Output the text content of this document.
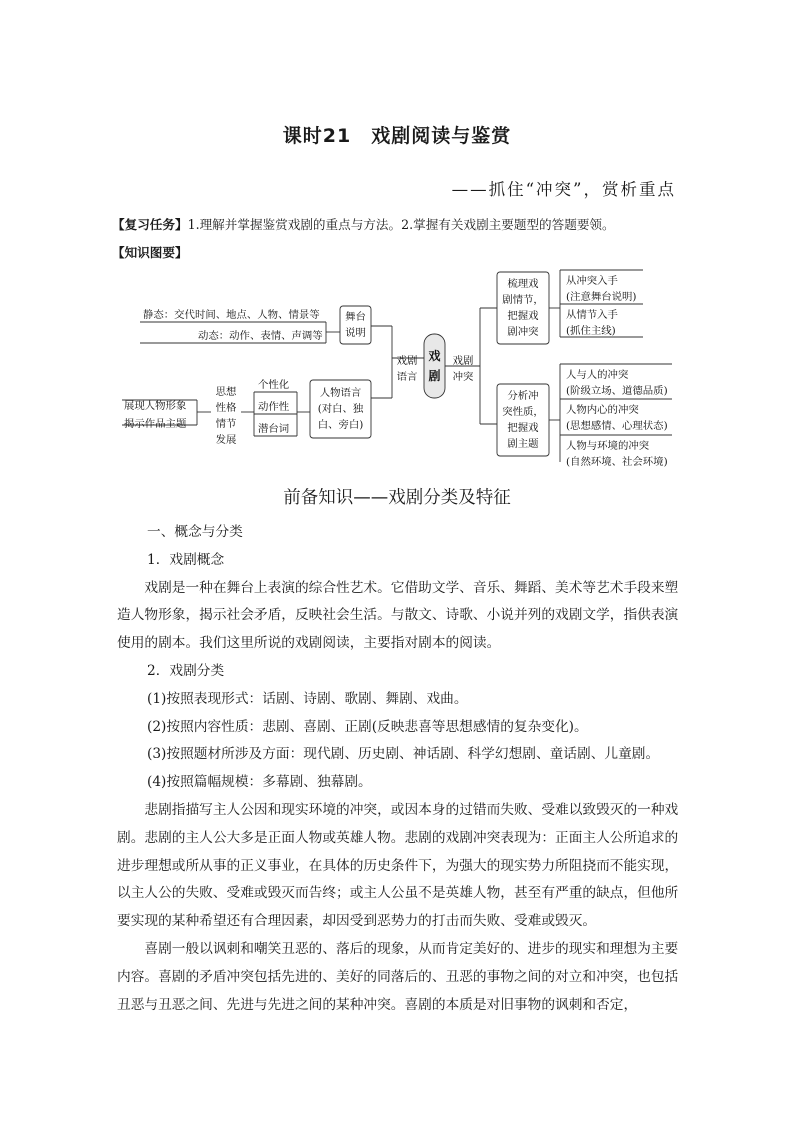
课时21　戏剧阅读与鉴赏
——抓住“冲突”，赏析重点
【复习任务】1.理解并掌握鉴赏戏剧的重点与方法。2.掌握有关戏剧主要题型的答题要领。
【知识图要】
静态：交代时间、地点、人物、情景等
动态：动作、表情、声调等
舞台
说明
展现人物形象
揭示作品主题
思想
性格
情节
发展
个性化
动作性
潜台词
人物语言
(对白、独
白、旁白)
戏剧
语言
戏
剧
戏剧
冲突
梳理戏
剧情节，
把握戏
剧冲突
分析冲
突性质，
把握戏
剧主题
从冲突入手
(注意舞台说明)
从情节入手
(抓住主线)
人与人的冲突
(阶级立场、道德品质)
人物内心的冲突
(思想感情、心理状态)
人物与环境的冲突
(自然环境、社会环境)
前备知识——戏剧分类及特征

一、概念与分类

1．戏剧概念

戏剧是一种在舞台上表演的综合性艺术。它借助文学、音乐、舞蹈、美术等艺术手段来塑造人物形象，揭示社会矛盾，反映社会生活。与散文、诗歌、小说并列的戏剧文学，指供表演使用的剧本。我们这里所说的戏剧阅读，主要指对剧本的阅读。

2．戏剧分类

(1)按照表现形式：话剧、诗剧、歌剧、舞剧、戏曲。

(2)按照内容性质：悲剧、喜剧、正剧(反映悲喜等思想感情的复杂变化)。

(3)按照题材所涉及方面：现代剧、历史剧、神话剧、科学幻想剧、童话剧、儿童剧。

(4)按照篇幅规模：多幕剧、独幕剧。

悲剧指描写主人公因和现实环境的冲突，或因本身的过错而失败、受难以致毁灭的一种戏剧。悲剧的主人公大多是正面人物或英雄人物。悲剧的戏剧冲突表现为：正面主人公所追求的进步理想或所从事的正义事业，在具体的历史条件下，为强大的现实势力所阻挠而不能实现，以主人公的失败、受难或毁灭而告终；或主人公虽不是英雄人物，甚至有严重的缺点，但他所要实现的某种希望还有合理因素，却因受到恶势力的打击而失败、受难或毁灭。

喜剧一般以讽刺和嘲笑丑恶的、落后的现象，从而肯定美好的、进步的现实和理想为主要内容。喜剧的矛盾冲突包括先进的、美好的同落后的、丑恶的事物之间的对立和冲突，也包括丑恶与丑恶之间、先进与先进之间的某种冲突。喜剧的本质是对旧事物的讽刺和否定，
